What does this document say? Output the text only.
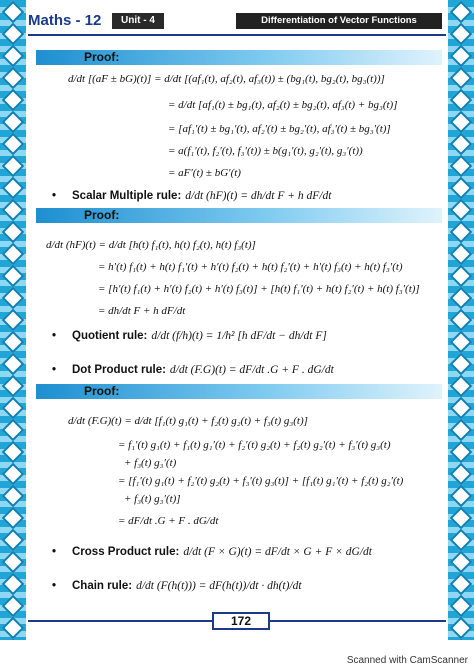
Maths - 12	Unit - 4	Differentiation of Vector Functions
Proof:
d/dt [(aF ± bG)(t)] = d/dt [(af₁(t), af₂(t), af₃(t)) ± (bg₁(t), bg₂(t), bg₃(t))]
= d/dt [af₁(t) ± bg₁(t), af₂(t) ± bg₂(t), af₃(t) + bg₃(t)]
= [af₁′(t) ± bg₁′(t), af₂′(t) ± bg₂′(t), af₃′(t) ± bg₃′(t)]
= a(f₁′(t), f₂′(t), f₃′(t)) ± b(g₁′(t), g₂′(t), g₃′(t))
= aF′(t) ± bG′(t)
• Scalar Multiple rule: d/dt (hF)(t) = dh/dt F + h dF/dt
Proof:
d/dt (hF)(t) = d/dt [h(t) f₁(t), h(t) f₂(t), h(t) f₃(t)]
= h′(t) f₁(t) + h(t) f₁′(t) + h′(t) f₂(t) + h(t) f₂′(t) + h′(t) f₃(t) + h(t) f₃′(t)
= [h′(t) f₁(t) + h′(t) f₂(t) + h′(t) f₃(t)] + [h(t) f₁′(t) + h(t) f₂′(t) + h(t) f₃′(t)]
= dh/dt F + h dF/dt
• Quotient rule: d/dt (f/h)(t) = 1/h² [h dF/dt − dh/dt F]
• Dot Product rule: d/dt (F.G)(t) = dF/dt .G + F . dG/dt
Proof:
d/dt (F.G)(t) = d/dt [f₁(t) g₁(t) + f₂(t) g₂(t) + f₃(t) g₃(t)]
= f₁′(t) g₁(t) + f₁(t) g₁′(t) + f₂′(t) g₂(t) + f₂(t) g₂′(t) + f₃′(t) g₃(t)
+ f₃(t) g₃′(t)
= [f₁′(t) g₁(t) + f₂′(t) g₂(t) + f₃′(t) g₃(t)] + [f₁(t) g₁′(t) + f₂(t) g₂′(t)
+ f₃(t) g₃′(t)]
= dF/dt .G + F . dG/dt
• Cross Product rule: d/dt (F × G)(t) = dF/dt × G + F × dG/dt
• Chain rule: d/dt (F(h(t))) = dF(h(t))/dt · dh(t)/dt
172
Scanned with CamScanner
